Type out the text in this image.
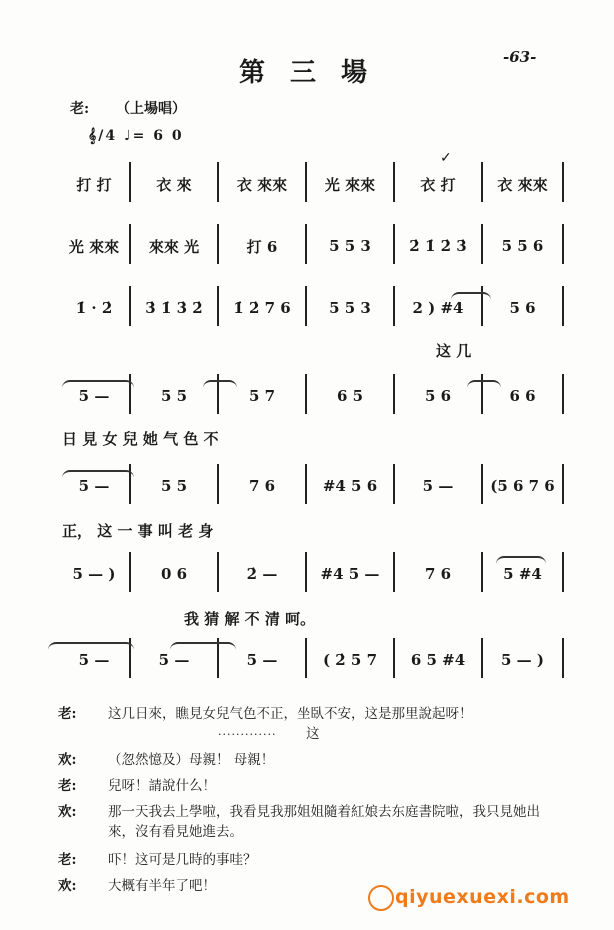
第 三 場
-63-
✓
老: （上場唱）
𝄞/4 ♩= 6 0
打 打	衣 來	衣 來來	光 來來	衣 打	衣 來來
光 來來	來來 光	打 6	5 5 3	2̇ 1̇ 2̇ 3̇	5 5 6
1̇ · 2̇	3̇ 1̇ 3̇ 2̇	1̇ 2̇ 7 6	5 5 3	2 ) #4	5 6
5 —	5 5	5 7	6 5	5 6	6 6
5 —	5 5	7 6	#4 5 6	5 —	(5 6 7 6
5 — )	0 6	2̇ —	#4 5 —	7 6	5 #4
5 —	5 —	5 —	( 2̇ 5 7	6 5 #4	5 — )
这 几
日 見 女 兒 她 气 色 不
正， 这 一 事 叫 老 身
我 猜 解 不 清 呵。
·············
老: 这几日來，瞧見女兒气色不正，坐臥不安，这是那里說起呀！
这
欢: （忽然憶及）母親！ 母親！
老: 兒呀！請說什么！
欢: 那一天我去上學啦，我看見我那姐姐隨着紅娘去东庭書院啦，我只見她出來，沒有看見她進去。
老: 吓！这可是几時的事哇？
欢: 大概有半年了吧！	qiyuexuexi.com
